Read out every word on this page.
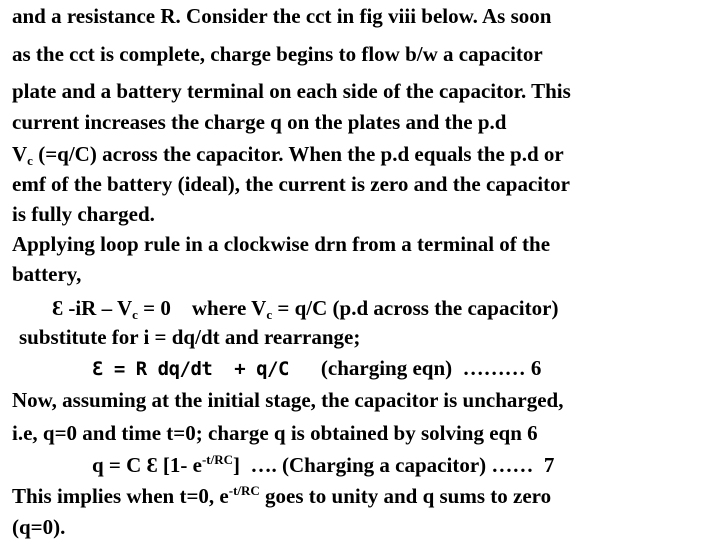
and a resistance R. Consider the cct in fig viii below. As soon

as the cct is complete, charge begins to flow b/w a capacitor

plate and a battery terminal on each side of the capacitor. This

current increases the charge q on the plates and the p.d

$V_c$ (=q/C) across the capacitor. When the p.d equals the p.d or

emf of the battery (ideal), the current is zero and the capacitor

is fully charged.

Applying loop rule in a clockwise drn from a terminal of the

battery,

Ɛ $-iR - V_c = 0$    where $V_c = q/C$ (p.d across the capacitor)

substitute for i = dq/dt and rearrange;

Ɛ = R dq/dt  + q/C (charging eqn)  ……… 6

Now, assuming at the initial stage, the capacitor is uncharged,

i.e, q=0 and time t=0; charge q is obtained by solving eqn 6

q = C Ɛ [1- $e^{-t/RC}$]  …. (Charging a capacitor) ……  7

This implies when t=0, $e^{-t/RC}$ goes to unity and q sums to zero

(q=0).
